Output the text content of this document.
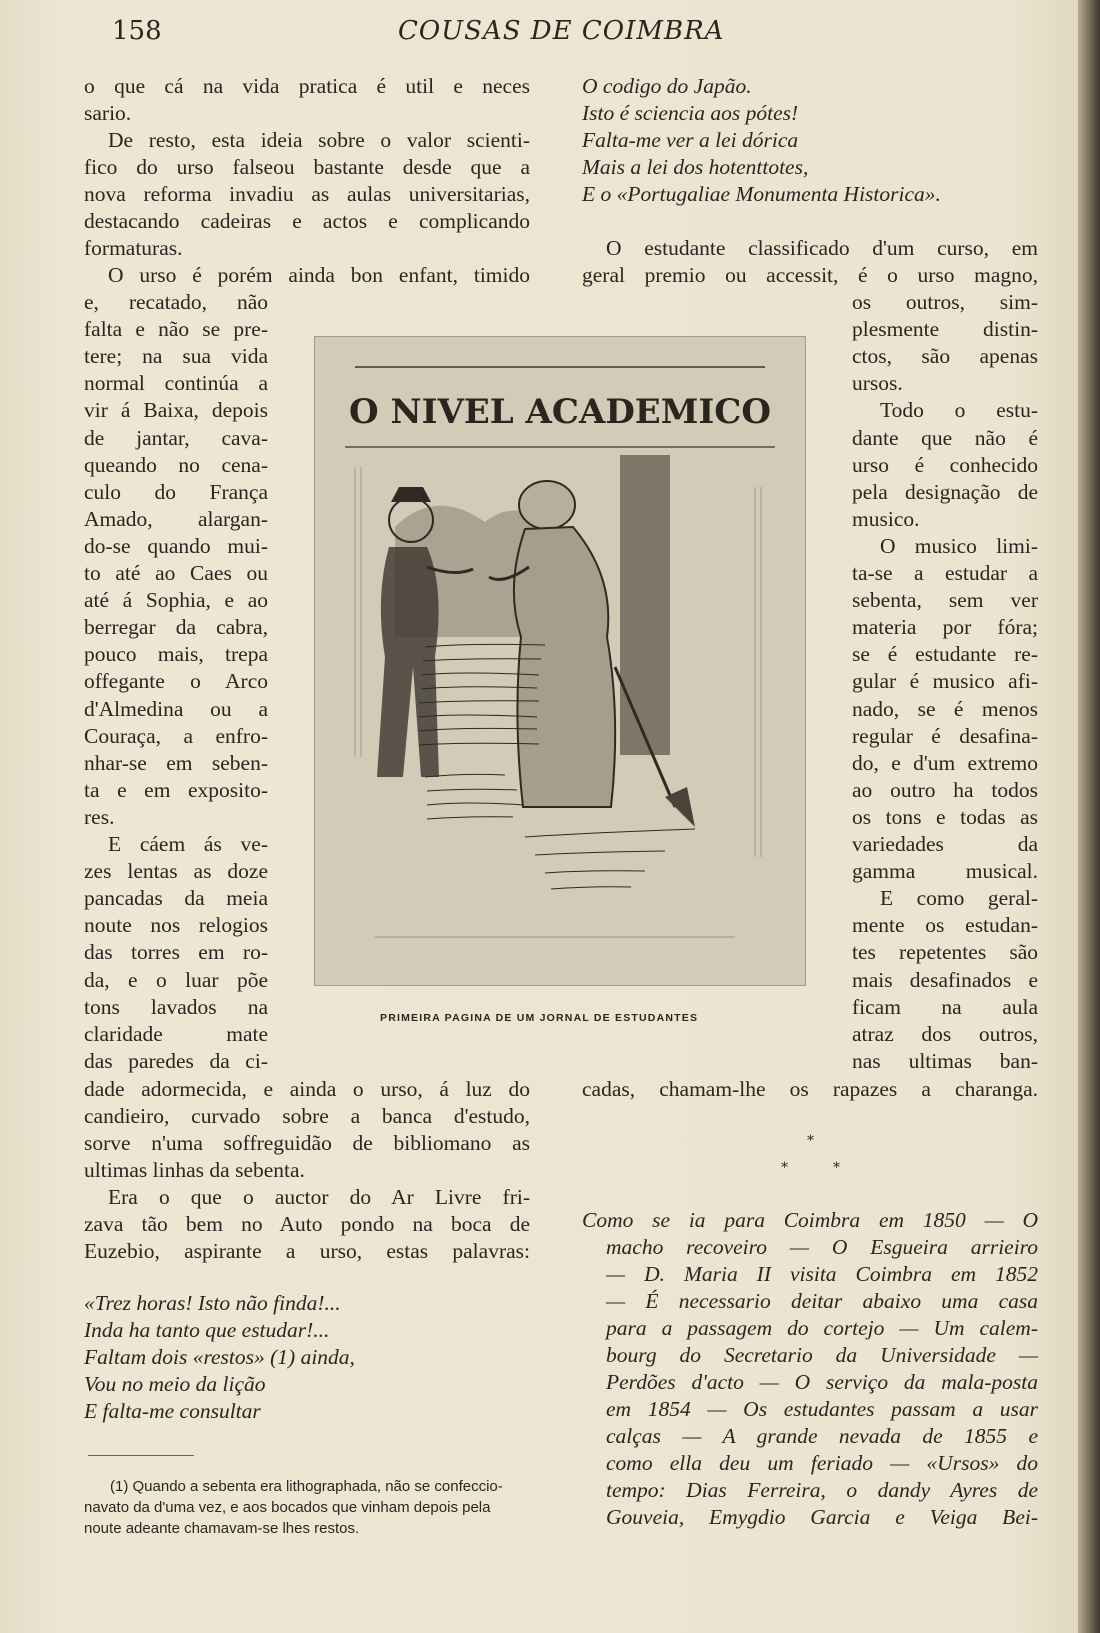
158	COUSAS DE COIMBRA
o que cá na vida pratica é util e neces
sario.
De resto, esta ideia sobre o valor scienti-
fico do urso falseou bastante desde que a
nova reforma invadiu as aulas universitarias,
destacando cadeiras e actos e complicando
formaturas.
O urso é porém ainda bon enfant, timido
e, recatado, não
falta e não se pre-
tere; na sua vida
normal continúa a
vir á Baixa, depois
de jantar, cava-
queando no cena-
culo do França
Amado, alargan-
do-se quando mui-
to até ao Caes ou
até á Sophia, e ao
berregar da cabra,
pouco mais, trepa
offegante o Arco
d'Almedina ou a
Couraça, a enfro-
nhar-se em seben-
ta e em exposito-
res.
E cáem ás ve-
zes lentas as doze
pancadas da meia
noute nos relogios
das torres em ro-
da, e o luar põe
tons lavados na
claridade mate
das paredes da ci-
dade adormecida, e ainda o urso, á luz do
candieiro, curvado sobre a banca d'estudo,
sorve n'uma soffreguidão de bibliomano as
ultimas linhas da sebenta.
Era o que o auctor do Ar Livre fri-
zava tão bem no Auto pondo na boca de
Euzebio, aspirante a urso, estas palavras:
«Trez horas! Isto não finda!...
Inda ha tanto que estudar!...
Faltam dois «restos» (1) ainda,
Vou no meio da lição
E falta-me consultar
(1) Quando a sebenta era lithographada, não se confeccio-
navato da d'uma vez, e aos bocados que vinham depois pela
noute adeante chamavam-se lhes restos.
O codigo do Japão.
Isto é sciencia aos pótes!
Falta-me ver a lei dórica
Mais a lei dos hotenttotes,
E o «Portugaliae Monumenta Historica».
O estudante classificado d'um curso, em
geral premio ou accessit, é o urso magno,
os outros, sim-
plesmente distin-
ctos, são apenas
ursos.
Todo o estu-
dante que não é
urso é conhecido
pela designação de
musico.
O musico limi-
ta-se a estudar a
sebenta, sem ver
materia por fóra;
se é estudante re-
gular é musico afi-
nado, se é menos
regular é desafina-
do, e d'um extremo
ao outro ha todos
os tons e todas as
variedades da
gamma musical.
E como geral-
mente os estudan-
tes repetentes são
mais desafinados e
ficam na aula
atraz dos outros,
nas ultimas ban-
cadas, chamam-lhe os rapazes a charanga.
*
*	*
Como se ia para Coimbra em 1850 — O
macho recoveiro — O Esgueira arrieiro
— D. Maria II visita Coimbra em 1852
— É necessario deitar abaixo uma casa
para a passagem do cortejo — Um calem-
bourg do Secretario da Universidade —
Perdões d'acto — O serviço da mala-posta
em 1854 — Os estudantes passam a usar
calças — A grande nevada de 1855 e
como ella deu um feriado — «Ursos» do
tempo: Dias Ferreira, o dandy Ayres de
Gouveia, Emygdio Garcia e Veiga Bei-
O NIVEL ACADEMICO
PRIMEIRA PAGINA DE UM JORNAL DE ESTUDANTES
